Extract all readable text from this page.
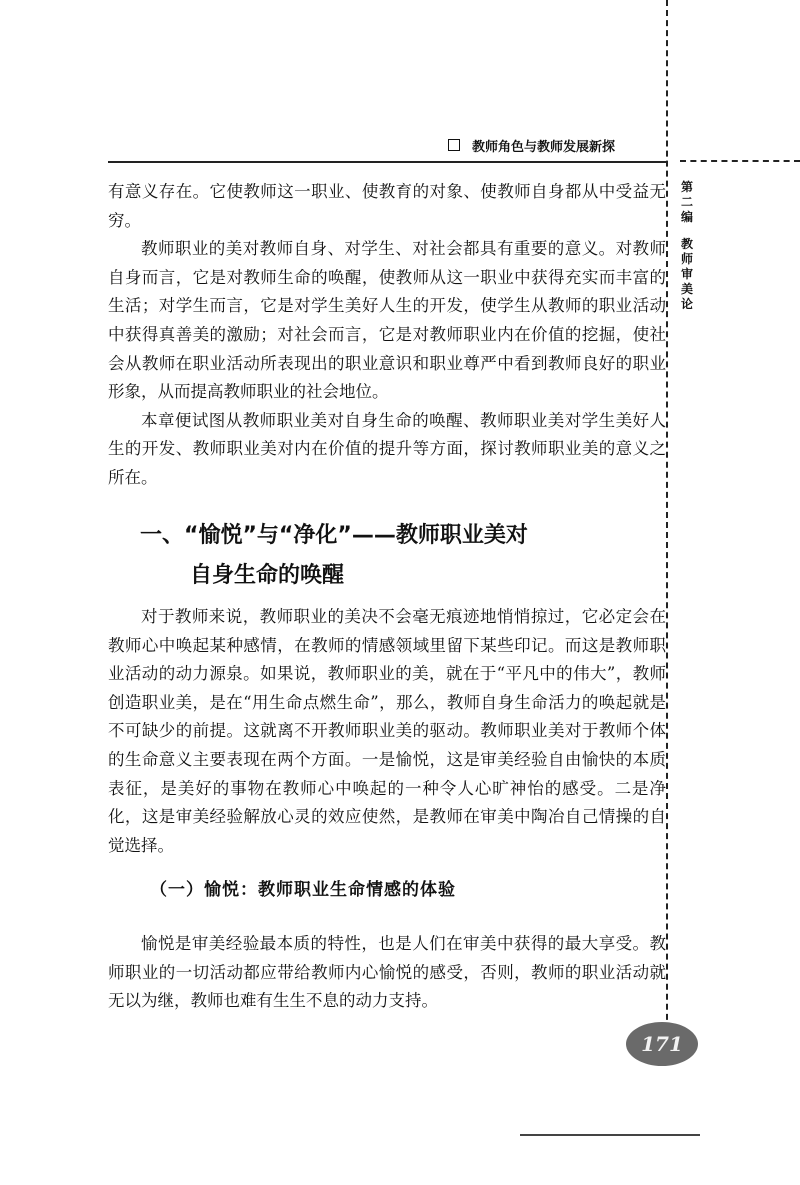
教师角色与教师发展新探
第二编
教
师
审
美
论

有意义存在。它使教师这一职业、使教育的对象、使教师自身都从中受益无穷。

教师职业的美对教师自身、对学生、对社会都具有重要的意义。对教师自身而言，它是对教师生命的唤醒，使教师从这一职业中获得充实而丰富的生活；对学生而言，它是对学生美好人生的开发，使学生从教师的职业活动中获得真善美的激励；对社会而言，它是对教师职业内在价值的挖掘，使社会从教师在职业活动所表现出的职业意识和职业尊严中看到教师良好的职业形象，从而提高教师职业的社会地位。

本章便试图从教师职业美对自身生命的唤醒、教师职业美对学生美好人生的开发、教师职业美对内在价值的提升等方面，探讨教师职业美的意义之所在。

一、“愉悦”与“净化”——教师职业美对
自身生命的唤醒

对于教师来说，教师职业的美决不会毫无痕迹地悄悄掠过，它必定会在教师心中唤起某种感情，在教师的情感领域里留下某些印记。而这是教师职业活动的动力源泉。如果说，教师职业的美，就在于“平凡中的伟大”，教师创造职业美，是在“用生命点燃生命”，那么，教师自身生命活力的唤起就是不可缺少的前提。这就离不开教师职业美的驱动。教师职业美对于教师个体的生命意义主要表现在两个方面。一是愉悦，这是审美经验自由愉快的本质表征，是美好的事物在教师心中唤起的一种令人心旷神怡的感受。二是净化，这是审美经验解放心灵的效应使然，是教师在审美中陶冶自己情操的自觉选择。

（一）愉悦：教师职业生命情感的体验

愉悦是审美经验最本质的特性，也是人们在审美中获得的最大享受。教师职业的一切活动都应带给教师内心愉悦的感受，否则，教师的职业活动就无以为继，教师也难有生生不息的动力支持。

171
